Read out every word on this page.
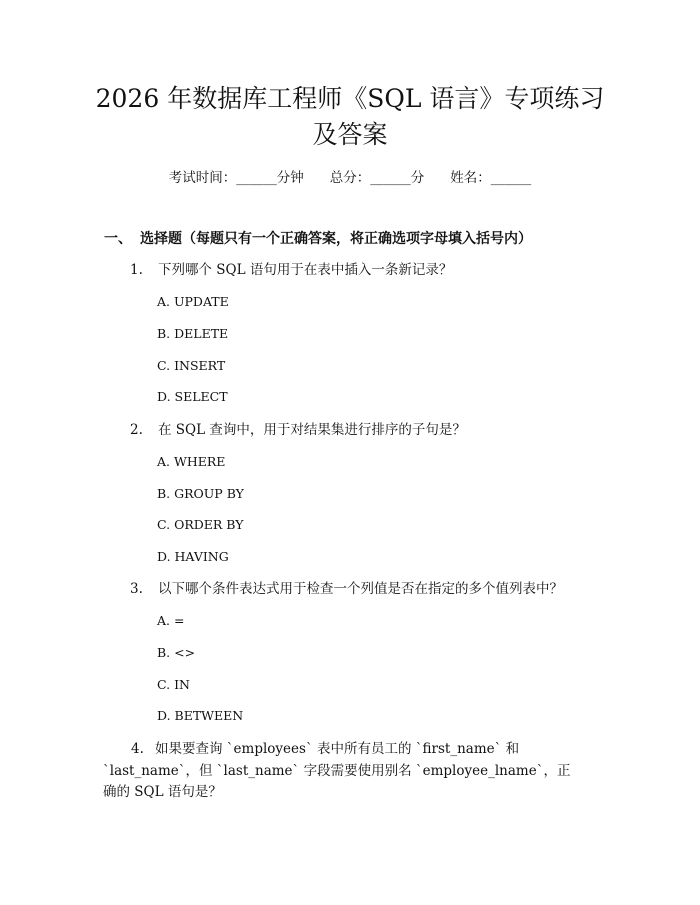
2026 年数据库工程师《SQL 语言》专项练习
及答案
考试时间：______分钟 总分：______分 姓名：______
一、 选择题（每题只有一个正确答案，将正确选项字母填入括号内）
1. 下列哪个 SQL 语句用于在表中插入一条新记录？
A. UPDATE
B. DELETE
C. INSERT
D. SELECT
2. 在 SQL 查询中，用于对结果集进行排序的子句是？
A. WHERE
B. GROUP BY
C. ORDER BY
D. HAVING
3. 以下哪个条件表达式用于检查一个列值是否在指定的多个值列表中？
A. =
B. <>
C. IN
D. BETWEEN

4. 如果要查询 `employees` 表中所有员工的 `first_name` 和 `last_name`，但 `last_name` 字段需要使用别名 `employee_lname`，正确的 SQL 语句是？
